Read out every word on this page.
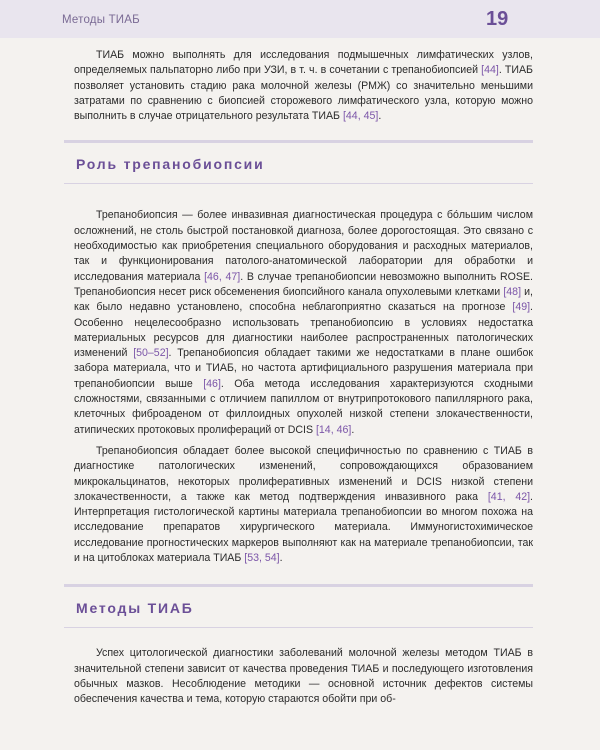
Методы ТИАБ	19

ТИАБ можно выполнять для исследования подмышечных лимфатических узлов, определяемых пальпаторно либо при УЗИ, в т. ч. в сочетании с трепанобиопсией [44]. ТИАБ позволяет установить стадию рака молочной железы (РМЖ) со значительно меньшими затратами по сравнению с биопсией сторожевого лимфатического узла, которую можно выполнить в случае отрицательного результата ТИАБ [44, 45].

Роль трепанобиопсии

Трепанобиопсия — более инвазивная диагностическая процедура с бо́льшим числом осложнений, не столь быстрой постановкой диагноза, более дорогостоящая. Это связано с необходимостью как приобретения специального оборудования и расходных материалов, так и функционирования патолого-анатомической лаборатории для обработки и исследования материала [46, 47]. В случае трепанобиопсии невозможно выполнить ROSE. Трепанобиопсия несет риск обсеменения биопсийного канала опухолевыми клетками [48] и, как было недавно установлено, способна неблагоприятно сказаться на прогнозе [49]. Особенно нецелесообразно использовать трепанобиопсию в условиях недостатка материальных ресурсов для диагностики наиболее распространенных патологических изменений [50–52]. Трепанобиопсия обладает такими же недостатками в плане ошибок забора материала, что и ТИАБ, но частота артифициального разрушения материала при трепанобиопсии выше [46]. Оба метода исследования характеризуются сходными сложностями, связанными с отличием папиллом от внутрипротокового папиллярного рака, клеточных фиброаденом от филлоидных опухолей низкой степени злокачественности, атипических протоковых пролифераций от DCIS [14, 46].

Трепанобиопсия обладает более высокой специфичностью по сравнению с ТИАБ в диагностике патологических изменений, сопровождающихся образованием микрокальцинатов, некоторых пролиферативных изменений и DCIS низкой степени злокачественности, а также как метод подтверждения инвазивного рака [41, 42]. Интерпретация гистологической картины материала трепанобиопсии во многом похожа на исследование препаратов хирургического материала. Иммуногистохимическое исследование прогностических маркеров выполняют как на материале трепанобиопсии, так и на цитоблоках материала ТИАБ [53, 54].

Методы ТИАБ

Успех цитологической диагностики заболеваний молочной железы методом ТИАБ в значительной степени зависит от качества проведения ТИАБ и последующего изготовления обычных мазков. Несоблюдение методики — основной источник дефектов системы обеспечения качества и тема, которую стараются обойти при об-
